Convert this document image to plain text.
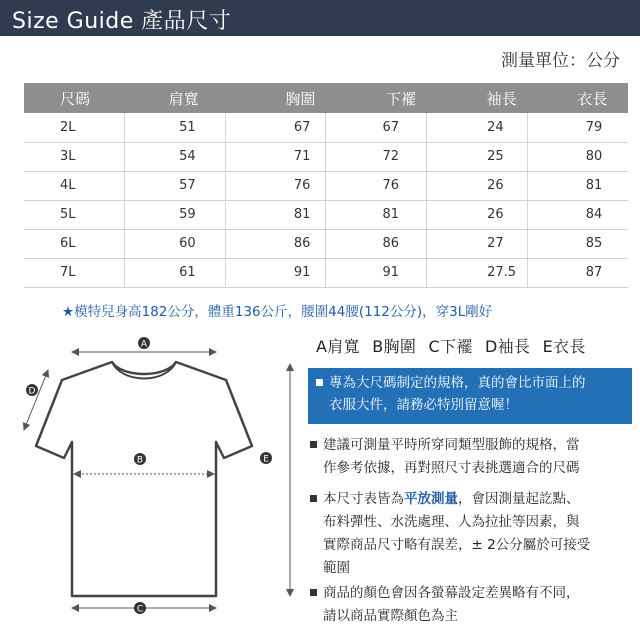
Size Guide 產品尺寸
測量單位：公分
尺碼	肩寬	胸圍	下襬	袖長	衣長
2L	51	67	67	24	79
3L	54	71	72	25	80
4L	57	76	76	26	81
5L	59	81	81	26	84
6L	60	86	86	27	85
7L	61	91	91	27.5	87
★模特兒身高182公分，體重136公斤，腰圍44腰(112公分)，穿3L剛好
A
B
C
D
E
A肩寬 B胸圍 C下襬 D袖長 E衣長
專為大尺碼制定的規格，真的會比市面上的
衣服大件，請務必特別留意喔！
建議可測量平時所穿同類型服飾的規格，當
作參考依據，再對照尺寸表挑選適合的尺碼
本尺寸表皆為平放測量，會因測量起訖點、
布料彈性、水洗處理、人為拉扯等因素，與
實際商品尺寸略有誤差，± 2公分屬於可接受
範圍
商品的顏色會因各螢幕設定差異略有不同，
請以商品實際顏色為主
